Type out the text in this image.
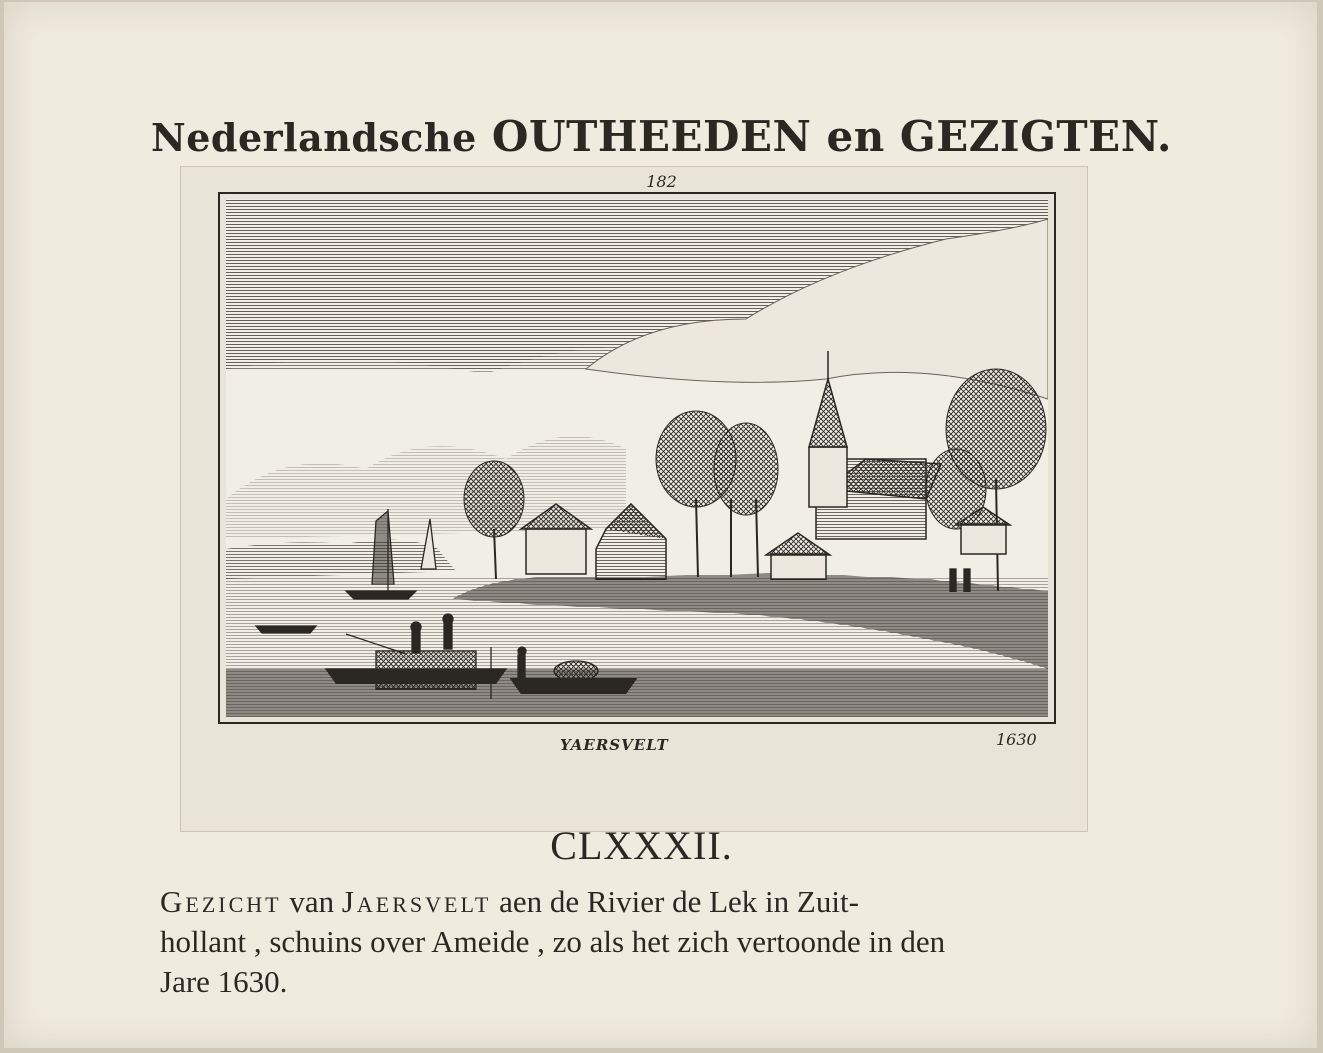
Nederlandsche OUTHEEDEN en GEZIGTEN.
182
YAERSVELT	1630
CLXXXII.
Gezicht van Jaersvelt aen de Rivier de Lek in Zuit-
hollant , schuins over Ameide , zo als het zich vertoonde in den
Jare 1630.
